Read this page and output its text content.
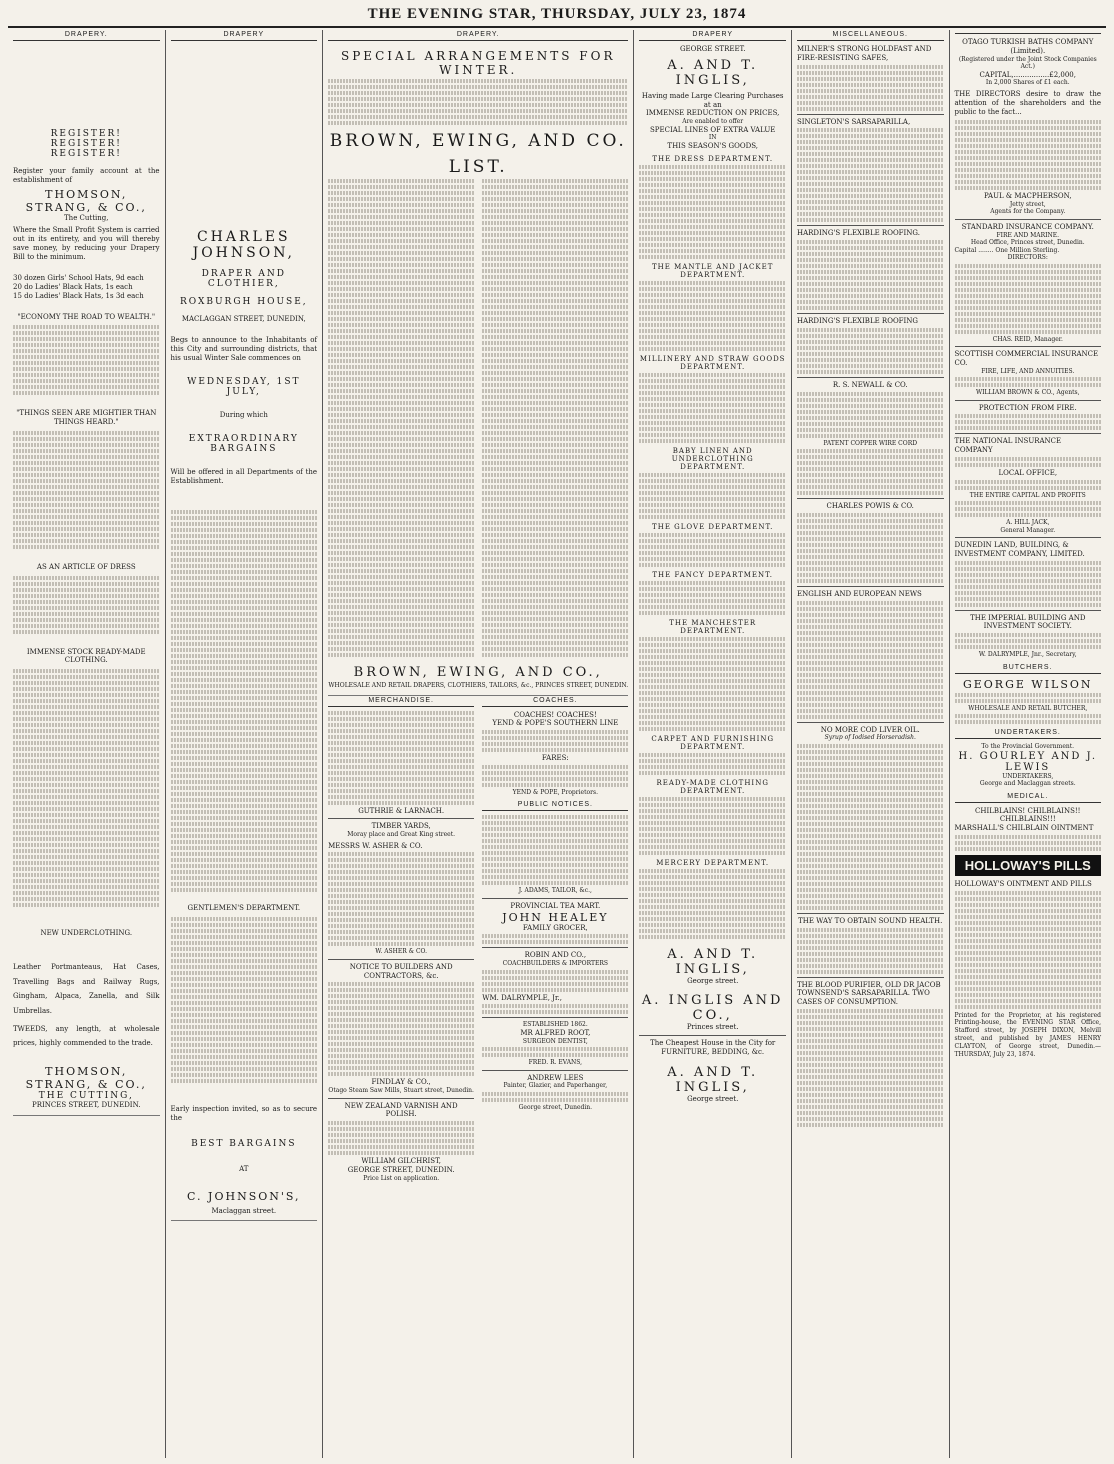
THE EVENING STAR, THURSDAY, JULY 23, 1874
DRAPERY.
REGISTER! REGISTER! REGISTER!
Register your family account at the establishment of
THOMSON, STRANG, & CO.,
The Cutting,
Where the Small Profit System is carried out in its entirety, and you will thereby save money, by reducing your Drapery Bill to the minimum.
30 dozen Girls' School Hats, 9d each
20 do Ladies' Black Hats, 1s each
15 do Ladies' Black Hats, 1s 3d each
"ECONOMY THE ROAD TO WEALTH."
"THINGS SEEN ARE MIGHTIER THAN THINGS HEARD."
AS AN ARTICLE OF DRESS
IMMENSE STOCK READY-MADE CLOTHING.
NEW UNDERCLOTHING.
Leather Portmanteaus, Hat Cases, Travelling Bags and Railway Rugs, Gingham, Alpaca, Zanella, and Silk Umbrellas.
TWEEDS, any length, at wholesale prices, highly commended to the trade.
THOMSON, STRANG, & CO.,
THE CUTTING,
PRINCES STREET, DUNEDIN.
DRAPERY
CHARLES JOHNSON,
DRAPER AND CLOTHIER,
ROXBURGH HOUSE,
MACLAGGAN STREET, DUNEDIN,
Begs to announce to the Inhabitants of this City and surrounding districts, that his usual Winter Sale commences on
WEDNESDAY, 1ST JULY,
During which
EXTRAORDINARY BARGAINS
Will be offered in all Departments of the Establishment.
GENTLEMEN'S DEPARTMENT.
Early inspection invited, so as to secure the
BEST BARGAINS
AT
C. JOHNSON'S,
Maclaggan street.
DRAPERY.
SPECIAL ARRANGEMENTS FOR WINTER.
BROWN, EWING, AND CO.
LIST.
BROWN, EWING, AND CO.,
WHOLESALE AND RETAIL DRAPERS, CLOTHIERS, TAILORS, &c., PRINCES STREET, DUNEDIN.
MERCHANDISE.
GUTHRIE & LARNACH.
TIMBER YARDS,
Moray place and Great King street.
MESSRS W. ASHER & CO.
W. ASHER & CO.
NOTICE TO BUILDERS AND CONTRACTORS, &c.
FINDLAY & CO.,
Otago Steam Saw Mills, Stuart street, Dunedin.
NEW ZEALAND VARNISH AND POLISH.
WILLIAM GILCHRIST,
GEORGE STREET, DUNEDIN.
Price List on application.
COACHES.
COACHES! COACHES!
YEND & POPE'S SOUTHERN LINE
FARES:
YEND & POPE, Proprietors.
PUBLIC NOTICES.
J. ADAMS, TAILOR, &c.,
PROVINCIAL TEA MART.
JOHN HEALEY
FAMILY GROCER,
ROBIN AND CO.,
COACHBUILDERS & IMPORTERS
WM. DALRYMPLE, Jr.,
ESTABLISHED 1862.
MR ALFRED ROOT,
SURGEON DENTIST,
FRED. R. EVANS,
ANDREW LEES
Painter, Glazier, and Paperhanger,
George street, Dunedin.
DRAPERY
GEORGE STREET.
A. AND T. INGLIS,
Having made Large Clearing Purchases at an
IMMENSE REDUCTION ON PRICES,
Are enabled to offer
SPECIAL LINES OF EXTRA VALUE
IN
THIS SEASON'S GOODS,
THE DRESS DEPARTMENT.
THE MANTLE AND JACKET DEPARTMENT.
MILLINERY AND STRAW GOODS DEPARTMENT.
BABY LINEN AND UNDERCLOTHING DEPARTMENT.
THE GLOVE DEPARTMENT.
THE FANCY DEPARTMENT.
THE MANCHESTER DEPARTMENT.
CARPET AND FURNISHING DEPARTMENT.
READY-MADE CLOTHING DEPARTMENT.
MERCERY DEPARTMENT.
A. AND T. INGLIS,
George street.
A. INGLIS AND CO.,
Princes street.
The Cheapest House in the City for
FURNITURE, BEDDING, &c.
A. AND T. INGLIS,
George street.
MISCELLANEOUS.
MILNER'S STRONG HOLDFAST AND FIRE-RESISTING SAFES,
SINGLETON'S SARSAPARILLA,
HARDING'S FLEXIBLE ROOFING.
HARDING'S FLEXIBLE ROOFING
R. S. NEWALL & CO.
PATENT COPPER WIRE CORD
CHARLES POWIS & CO.
ENGLISH AND EUROPEAN NEWS
NO MORE COD LIVER OIL.
Syrup of Iodised Horseradish.
THE WAY TO OBTAIN SOUND HEALTH.
THE BLOOD PURIFIER, OLD DR JACOB TOWNSEND'S SARSAPARILLA. TWO CASES OF CONSUMPTION.
OTAGO TURKISH BATHS COMPANY (Limited).
(Registered under the Joint Stock Companies Act.)
CAPITAL,................£2,000,
In 2,000 Shares of £1 each.
THE DIRECTORS desire to draw the attention of the shareholders and the public to the fact...
PAUL & MACPHERSON,
Jetty street,
Agents for the Company.
STANDARD INSURANCE COMPANY.
FIRE AND MARINE.
Head Office, Princes street, Dunedin.
Capital ........ One Million Sterling.
DIRECTORS:
CHAS. REID, Manager.
SCOTTISH COMMERCIAL INSURANCE CO.
FIRE, LIFE, AND ANNUITIES.
WILLIAM BROWN & CO., Agents,
PROTECTION FROM FIRE.
THE NATIONAL INSURANCE COMPANY
LOCAL OFFICE,
THE ENTIRE CAPITAL AND PROFITS
A. HILL JACK,
General Manager.
DUNEDIN LAND, BUILDING, & INVESTMENT COMPANY, LIMITED.
THE IMPERIAL BUILDING AND INVESTMENT SOCIETY.
W. DALRYMPLE, Jnr., Secretary,
BUTCHERS.
GEORGE WILSON
WHOLESALE AND RETAIL BUTCHER,
UNDERTAKERS.
To the Provincial Government.
H. GOURLEY AND J. LEWIS
UNDERTAKERS,
George and Maclaggan streets.
MEDICAL.
CHILBLAINS! CHILBLAINS!! CHILBLAINS!!!
MARSHALL'S CHILBLAIN OINTMENT
HOLLOWAY'S PILLS
HOLLOWAY'S OINTMENT AND PILLS
Printed for the Proprietor, at his registered Printing-house, the EVENING STAR Office, Stafford street, by JOSEPH DIXON, Melvill street, and published by JAMES HENRY CLAYTON, of George street, Dunedin.—THURSDAY, July 23, 1874.
